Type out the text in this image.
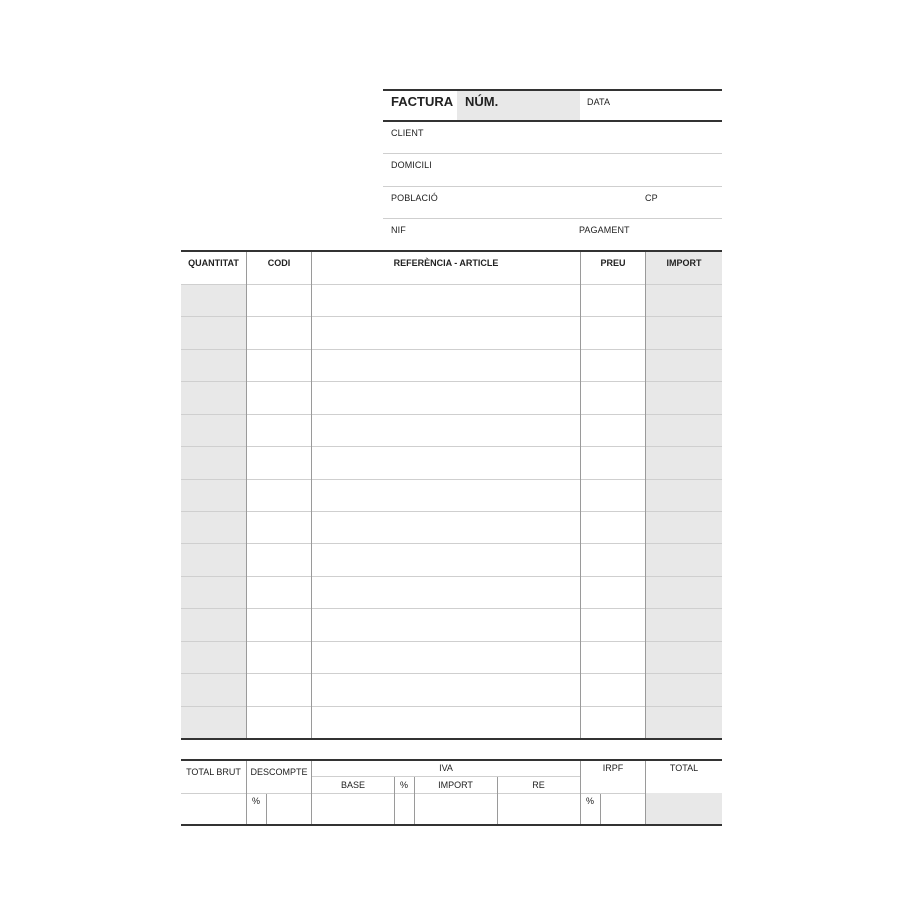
FACTURA NÚM.	DATA
CLIENT
DOMICILI
POBLACIÓ	CP
NIF	PAGAMENT
QUANTITAT	CODI	REFERÈNCIA - ARTICLE	PREU	IMPORT
TOTAL BRUT	DESCOMPTE	IVA	IRPF	TOTAL
BASE	%	IMPORT	RE
%	%
